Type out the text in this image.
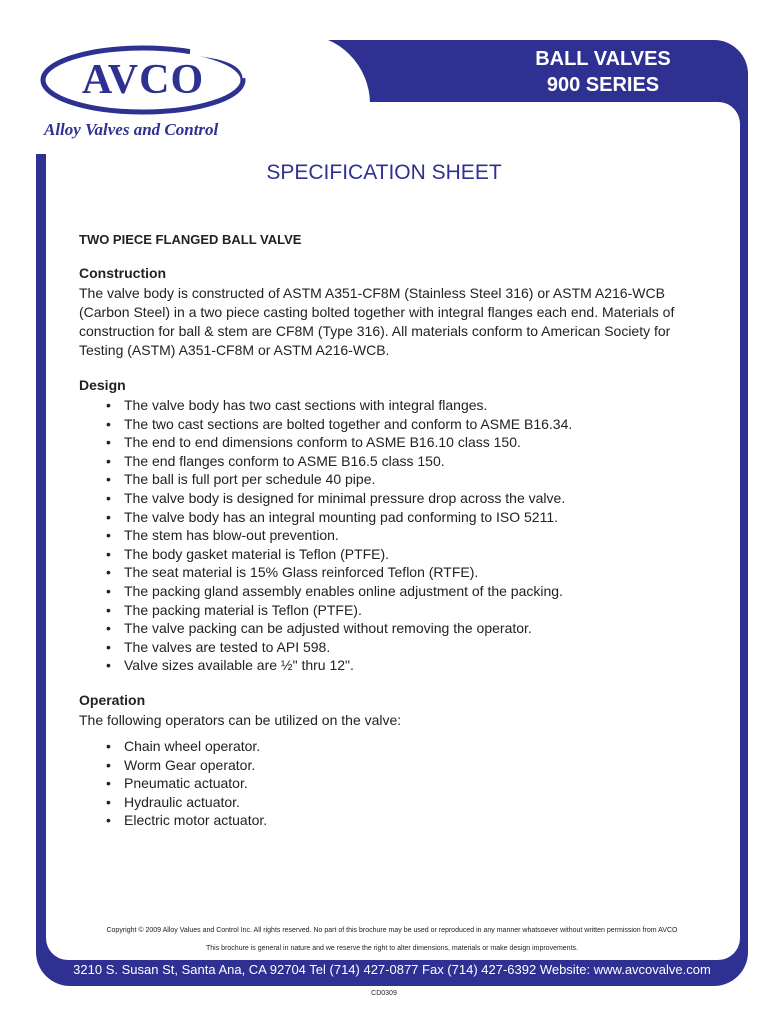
AVCO
Alloy Valves and Control
BALL VALVES
900 SERIES
SPECIFICATION SHEET
TWO PIECE FLANGED BALL VALVE
Construction
The valve body is constructed of ASTM A351-CF8M (Stainless Steel 316) or ASTM A216-WCB (Carbon Steel) in a two piece casting bolted together with integral flanges each end. Materials of construction for ball & stem are CF8M (Type 316). All materials conform to American Society for Testing (ASTM) A351-CF8M or ASTM A216-WCB.
Design
• The valve body has two cast sections with integral flanges.
• The two cast sections are bolted together and conform to ASME B16.34.
• The end to end dimensions conform to ASME B16.10 class 150.
• The end flanges conform to ASME B16.5 class 150.
• The ball is full port per schedule 40 pipe.
• The valve body is designed for minimal pressure drop across the valve.
• The valve body has an integral mounting pad conforming to ISO 5211.
• The stem has blow-out prevention.
• The body gasket material is Teflon (PTFE).
• The seat material is 15% Glass reinforced Teflon (RTFE).
• The packing gland assembly enables online adjustment of the packing.
• The packing material is Teflon (PTFE).
• The valve packing can be adjusted without removing the operator.
• The valves are tested to API 598.
• Valve sizes available are ½" thru 12".
Operation
The following operators can be utilized on the valve:
• Chain wheel operator.
• Worm Gear operator.
• Pneumatic actuator.
• Hydraulic actuator.
• Electric motor actuator.
Copyright © 2009 Alloy Values and Control Inc. All rights reserved. No part of this brochure may be used or reproduced in any manner whatsoever without written permission from AVCO
This brochure is general in nature and we reserve the right to alter dimensions, materials or make design improvements.
3210 S. Susan St, Santa Ana, CA 92704 Tel (714) 427-0877 Fax (714) 427-6392 Website: www.avcovalve.com
CD0309
